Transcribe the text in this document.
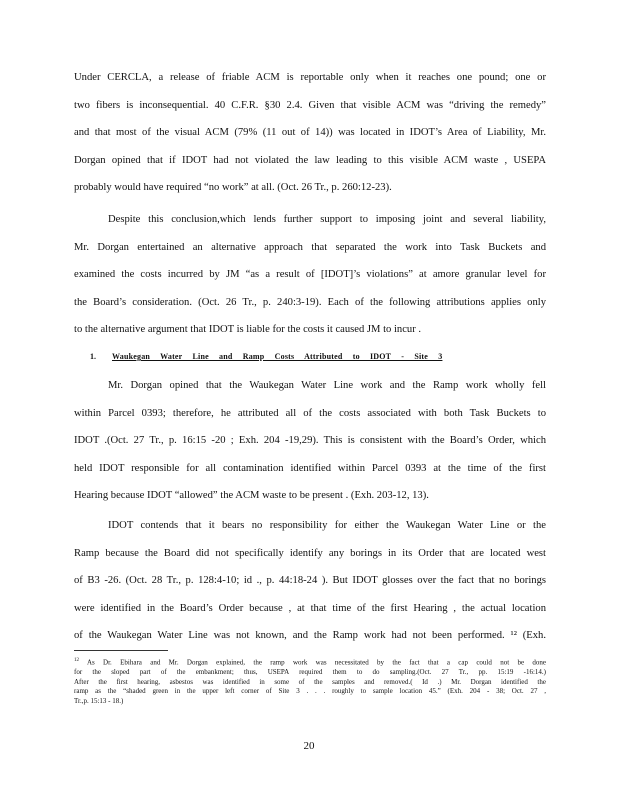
Under CERCLA, a release of friable ACM is reportable only when it reaches one pound; one or
two fibers is inconsequential. 40 C.F.R. §30 2.4. Given that visible ACM was “driving the remedy”
and that most of the visual ACM (79% (11 out of 14)) was located in IDOT’s Area of Liability, Mr.
Dorgan opined that if IDOT had not violated the law leading to this visible ACM waste , USEPA
probably would have required “no work” at all. (Oct. 26 Tr., p. 260:12-23).
Despite this conclusion,which lends further support to imposing joint and several liability,
Mr. Dorgan entertained an alternative approach that separated the work into Task Buckets and
examined the costs incurred by JM “as a result of [IDOT]’s violations” at amore granular level for
the Board’s consideration. (Oct. 26 Tr., p. 240:3-19). Each of the following attributions applies only
to the alternative argument that IDOT is liable for the costs it caused JM to incur .
1. Waukegan Water Line and Ramp Costs Attributed to IDOT - Site 3
Mr. Dorgan opined that the Waukegan Water Line work and the Ramp work wholly fell
within Parcel 0393; therefore, he attributed all of the costs associated with both Task Buckets to
IDOT .(Oct. 27 Tr., p. 16:15 -20 ; Exh. 204 -19,29). This is consistent with the Board’s Order, which
held IDOT responsible for all contamination identified within Parcel 0393 at the time of the first
Hearing because IDOT “allowed” the ACM waste to be present . (Exh. 203-12, 13).
IDOT contends that it bears no responsibility for either the Waukegan Water Line or the
Ramp because the Board did not specifically identify any borings in its Order that are located west
of B3 -26. (Oct. 28 Tr., p. 128:4-10; id ., p. 44:18-24 ). But IDOT glosses over the fact that no borings
were identified in the Board’s Order because , at that time of the first Hearing , the actual location
of the Waukegan Water Line was not known, and the Ramp work had not been performed. ¹² (Exh.
$^{12}$ As Dr. Ebihara and Mr. Dorgan explained, the ramp work was necessitated by the fact that a cap could not be done
for the sloped part of the embankment; thus, USEPA required them to do sampling.(Oct. 27 Tr., pp. 15:19 -16:14.)
After the first hearing, asbestos was identified in some of the samples and removed.( Id .) Mr. Dorgan identified the
ramp as the “shaded green in the upper left corner of Site 3 . . . roughly to sample location 45.” (Exh. 204 - 38; Oct. 27 ,
Tr.,p. 15:13 - 18.)
20
